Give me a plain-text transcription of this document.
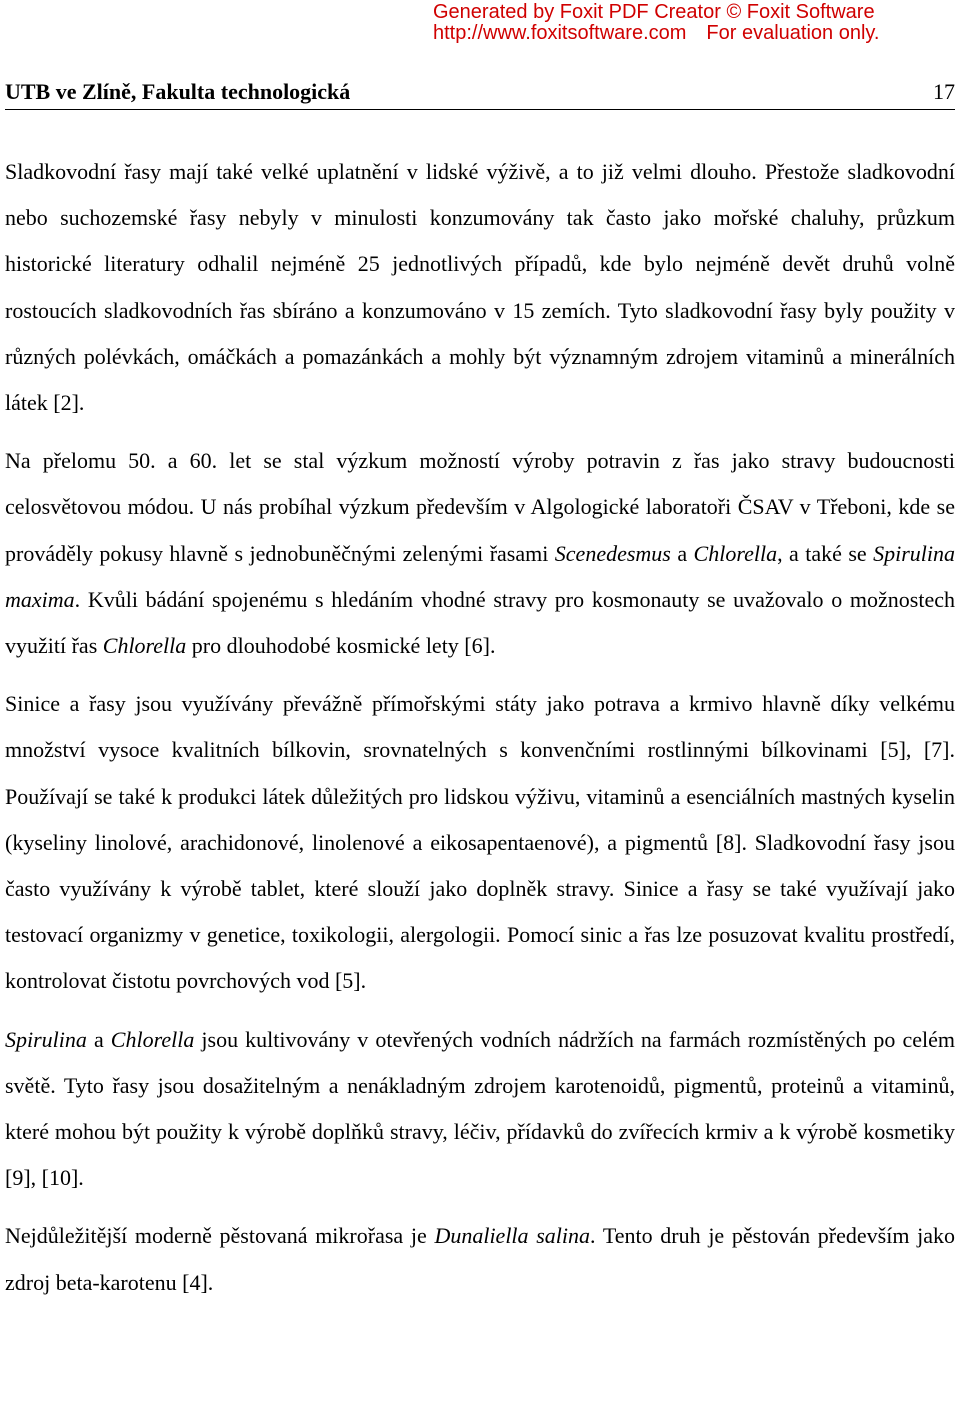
Generated by Foxit PDF Creator © Foxit Software
http://www.foxitsoftware.com For evaluation only.
UTB ve Zlíně, Fakulta technologická	17

Sladkovodní řasy mají také velké uplatnění v lidské výživě, a to již velmi dlouho. Přestože sladkovodní nebo suchozemské řasy nebyly v minulosti konzumovány tak často jako mořské chaluhy, průzkum historické literatury odhalil nejméně 25 jednotlivých případů, kde bylo nejméně devět druhů volně rostoucích sladkovodních řas sbíráno a konzumováno v 15 zemích. Tyto sladkovodní řasy byly použity v různých polévkách, omáčkách a pomazánkách a mohly být významným zdrojem vitaminů a minerálních látek [2].

Na přelomu 50. a 60. let se stal výzkum možností výroby potravin z řas jako stravy budoucnosti celosvětovou módou. U nás probíhal výzkum především v Algologické laboratoři ČSAV v Třeboni, kde se prováděly pokusy hlavně s jednobuněčnými zelenými řasami Scenedesmus a Chlorella, a také se Spirulina maxima. Kvůli bádání spojenému s hledáním vhodné stravy pro kosmonauty se uvažovalo o možnostech využití řas Chlorella pro dlouhodobé kosmické lety [6].

Sinice a řasy jsou využívány převážně přímořskými státy jako potrava a krmivo hlavně díky velkému množství vysoce kvalitních bílkovin, srovnatelných s konvenčními rostlinnými bílkovinami [5], [7]. Používají se také k produkci látek důležitých pro lidskou výživu, vitaminů a esenciálních mastných kyselin (kyseliny linolové, arachidonové, linolenové a eikosapentaenové), a pigmentů [8]. Sladkovodní řasy jsou často využívány k výrobě tablet, které slouží jako doplněk stravy. Sinice a řasy se také využívají jako testovací organizmy v genetice, toxikologii, alergologii. Pomocí sinic a řas lze posuzovat kvalitu prostředí, kontrolovat čistotu povrchových vod [5].

Spirulina a Chlorella jsou kultivovány v otevřených vodních nádržích na farmách rozmístěných po celém světě. Tyto řasy jsou dosažitelným a nenákladným zdrojem karotenoidů, pigmentů, proteinů a vitaminů, které mohou být použity k výrobě doplňků stravy, léčiv, přídavků do zvířecích krmiv a k výrobě kosmetiky [9], [10].

Nejdůležitější moderně pěstovaná mikrořasa je Dunaliella salina. Tento druh je pěstován především jako zdroj beta-karotenu [4].
